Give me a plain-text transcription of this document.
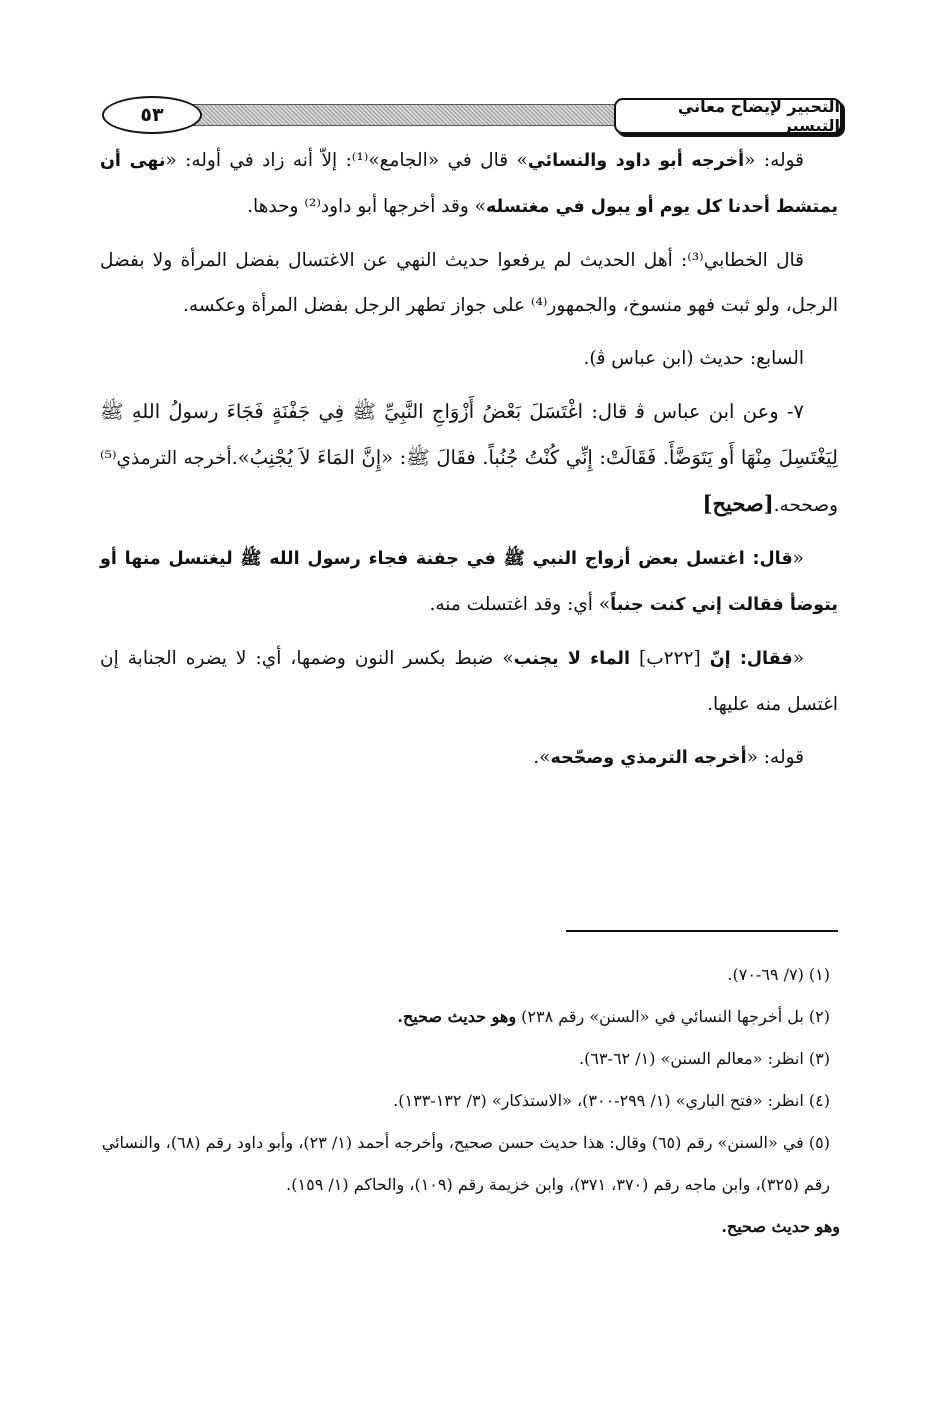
٥٣	التحبير لإيضاح معاني التيسير

قوله: «أخرجه أبو داود والنسائي» قال في «الجامع»⁽¹⁾: إلاّ أنه زاد في أوله: «نهى أن يمتشط أحدنا كل يوم أو يبول في مغتسله» وقد أخرجها أبو داود⁽²⁾ وحدها.

قال الخطابي⁽³⁾: أهل الحديث لم يرفعوا حديث النهي عن الاغتسال بفضل المرأة ولا بفضل الرجل، ولو ثبت فهو منسوخ، والجمهور⁽⁴⁾ على جواز تطهر الرجل بفضل المرأة وعكسه.

السابع: حديث (ابن عباس ﭬ).

٧- وعن ابن عباس ﭬ قال: اغْتَسَلَ بَعْضُ أَزْوَاجِ النَّبِيِّ ﷺ فِي جَفْنَةٍ فَجَاءَ رسولُ اللهِ ﷺ لِيَغْتَسِلَ مِنْهَا أَو يَتَوَضَّأَ. فَقَالَتْ: إِنِّي كُنْتُ جُنُباً. فقَالَ ﷺ: «إِنَّ المَاءَ لاَ يُجْنِبُ».أخرجه الترمذي⁽⁵⁾ وصححه.[صحيح]

«قال: اغتسل بعض أزواج النبي ﷺ في جفنة فجاء رسول الله ﷺ ليغتسل منها أو يتوضأ فقالت إني كنت جنباً» أي: وقد اغتسلت منه.

«فقال: إنّ [٢٢٢ب] الماء لا يجنب» ضبط بكسر النون وضمها، أي: لا يضره الجنابة إن اغتسل منه عليها.

قوله: «أخرجه الترمذي وصحّحه».

(١) (٧/ ٦٩-٧٠).

(٢) بل أخرجها النسائي في «السنن» رقم ٢٣٨) وهو حديث صحيح.

(٣) انظر: «معالم السنن» (١/ ٦٢-٦٣).

(٤) انظر: «فتح الباري» (١/ ٢٩٩-٣٠٠)، «الاستذكار» (٣/ ١٣٢-١٣٣).

(٥) في «السنن» رقم (٦٥) وقال: هذا حديث حسن صحيح، وأخرجه أحمد (١/ ٢٣)، وأبو داود رقم (٦٨)، والنسائي رقم (٣٢٥)، وابن ماجه رقم (٣٧٠، ٣٧١)، وابن خزيمة رقم (١٠٩)، والحاكم (١/ ١٥٩).

وهو حديث صحيح.
